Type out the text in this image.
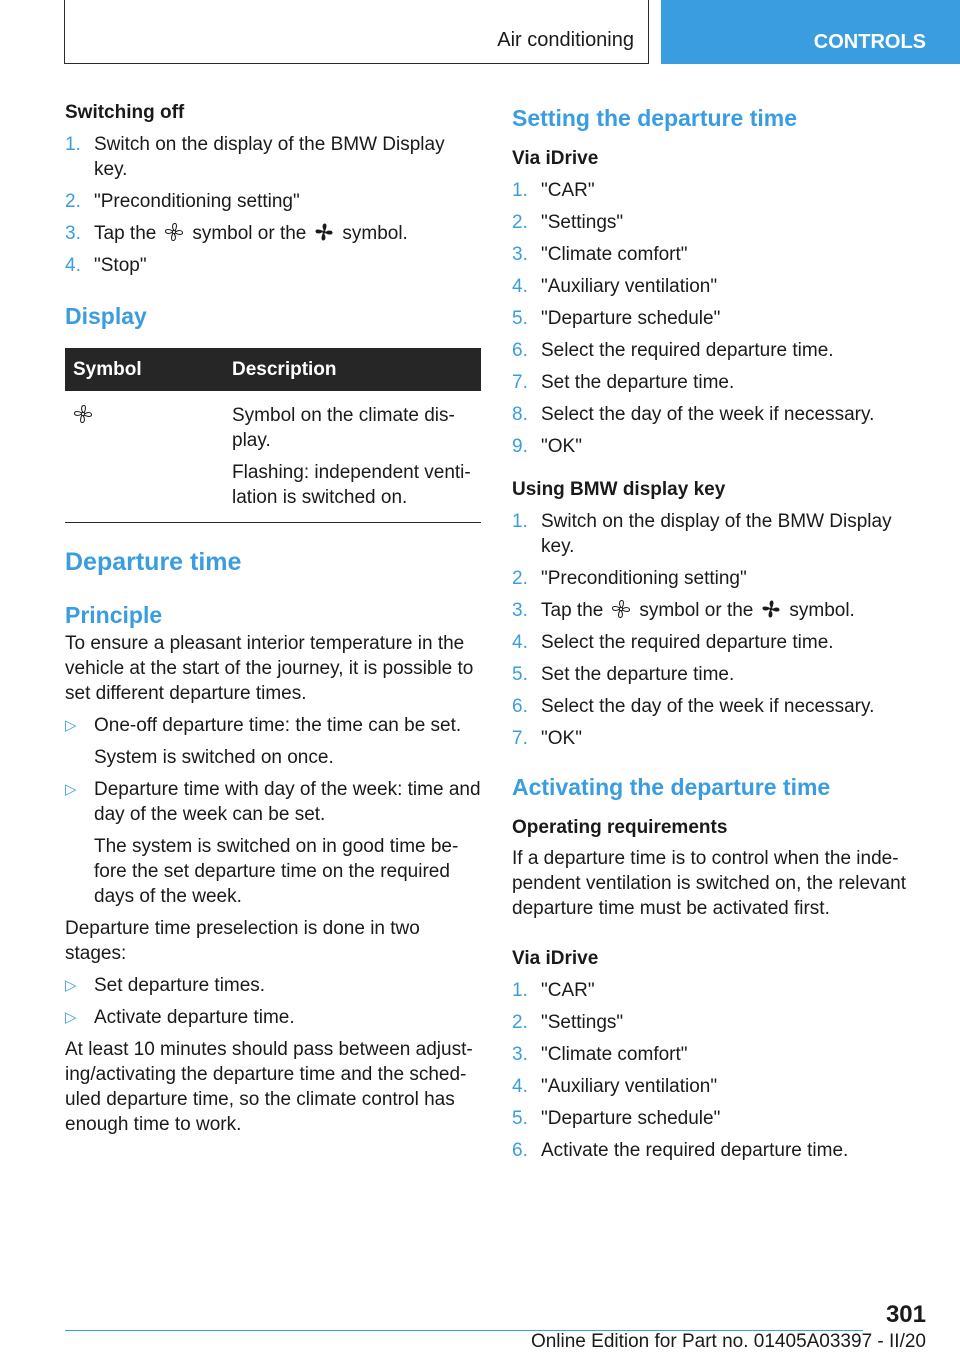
Air conditioning	CONTROLS

Switching off

1. Switch on the display of the BMW Display key.
2. "Preconditioning setting"
3. Tap the symbol or the symbol.
4. "Stop"
Display
Symbol	Description

Symbol on the climate dis-play.

Flashing: independent venti-lation is switched on.

Departure time
Principle

To ensure a pleasant interior temperature in the vehicle at the start of the journey, it is possible to set different departure times.

▷ One-off departure time: the time can be set.
System is switched on once.
▷ Departure time with day of the week: time and day of the week can be set.
The system is switched on in good time be-fore the set departure time on the required days of the week.

Departure time preselection is done in two stages:

▷ Set departure times.
▷ Activate departure time.

At least 10 minutes should pass between adjust-ing/activating the departure time and the sched-uled departure time, so the climate control has enough time to work.

Setting the departure time

Via iDrive

1. "CAR"
2. "Settings"
3. "Climate comfort"
4. "Auxiliary ventilation"
5. "Departure schedule"
6. Select the required departure time.
7. Set the departure time.
8. Select the day of the week if necessary.
9. "OK"

Using BMW display key

1. Switch on the display of the BMW Display key.
2. "Preconditioning setting"
3. Tap the symbol or the symbol.
4. Select the required departure time.
5. Set the departure time.
6. Select the day of the week if necessary.
7. "OK"
Activating the departure time

Operating requirements

If a departure time is to control when the inde-pendent ventilation is switched on, the relevant departure time must be activated first.

Via iDrive

1. "CAR"
2. "Settings"
3. "Climate comfort"
4. "Auxiliary ventilation"
5. "Departure schedule"
6. Activate the required departure time.
301
Online Edition for Part no. 01405A03397 - II/20
